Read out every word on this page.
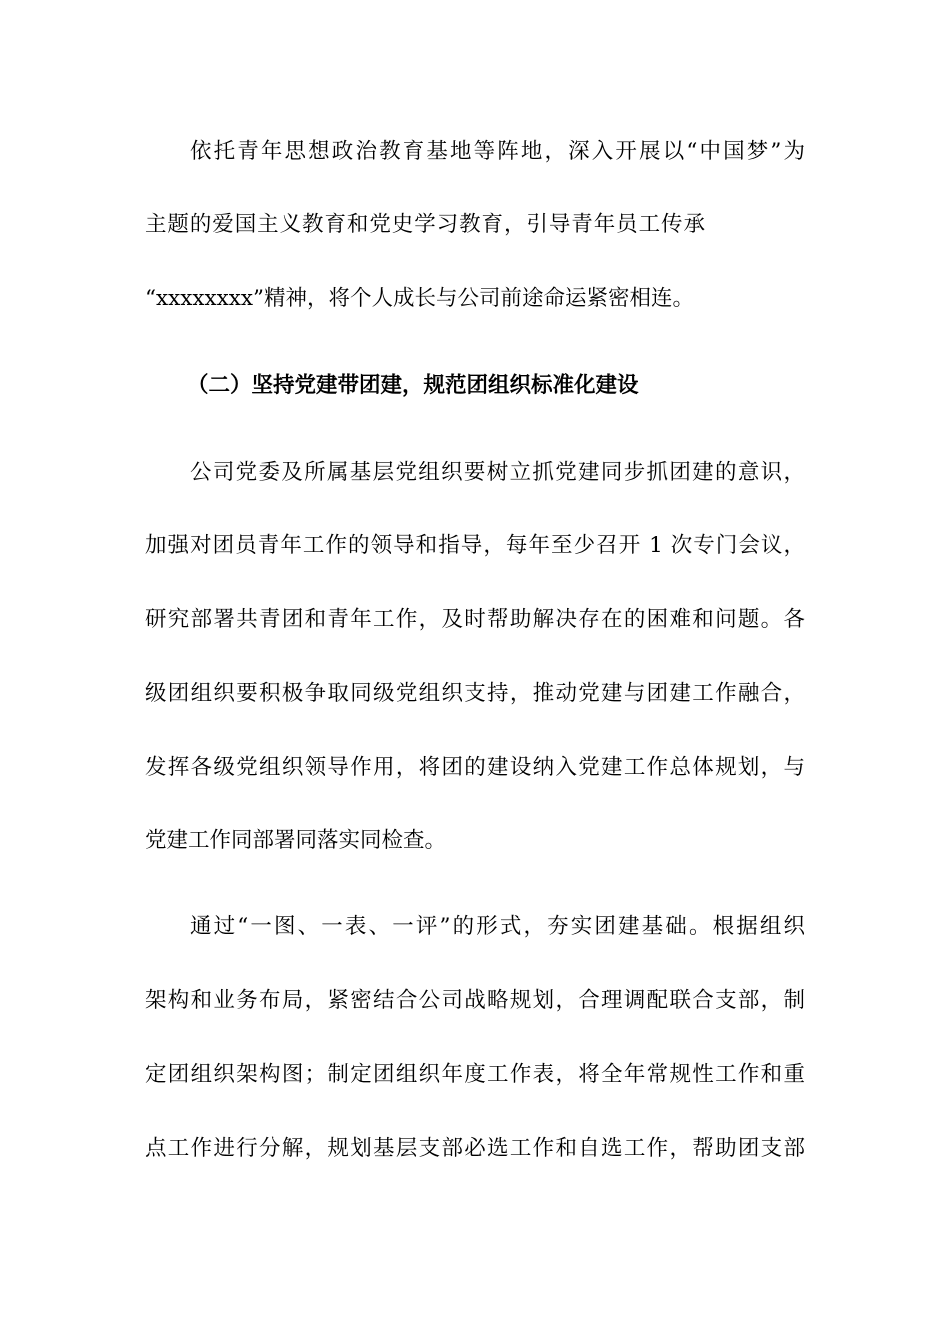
依托青年思想政治教育基地等阵地，深入开展以“中国梦”为
主题的爱国主义教育和党史学习教育，引导青年员工传承
“xxxxxxxx”精神，将个人成长与公司前途命运紧密相连。
（二）坚持党建带团建，规范团组织标准化建设
公司党委及所属基层党组织要树立抓党建同步抓团建的意识，
加强对团员青年工作的领导和指导，每年至少召开 1 次专门会议，
研究部署共青团和青年工作，及时帮助解决存在的困难和问题。各
级团组织要积极争取同级党组织支持，推动党建与团建工作融合，
发挥各级党组织领导作用，将团的建设纳入党建工作总体规划，与
党建工作同部署同落实同检查。
通过“一图、一表、一评”的形式，夯实团建基础。根据组织
架构和业务布局，紧密结合公司战略规划，合理调配联合支部，制
定团组织架构图；制定团组织年度工作表，将全年常规性工作和重
点工作进行分解，规划基层支部必选工作和自选工作，帮助团支部
